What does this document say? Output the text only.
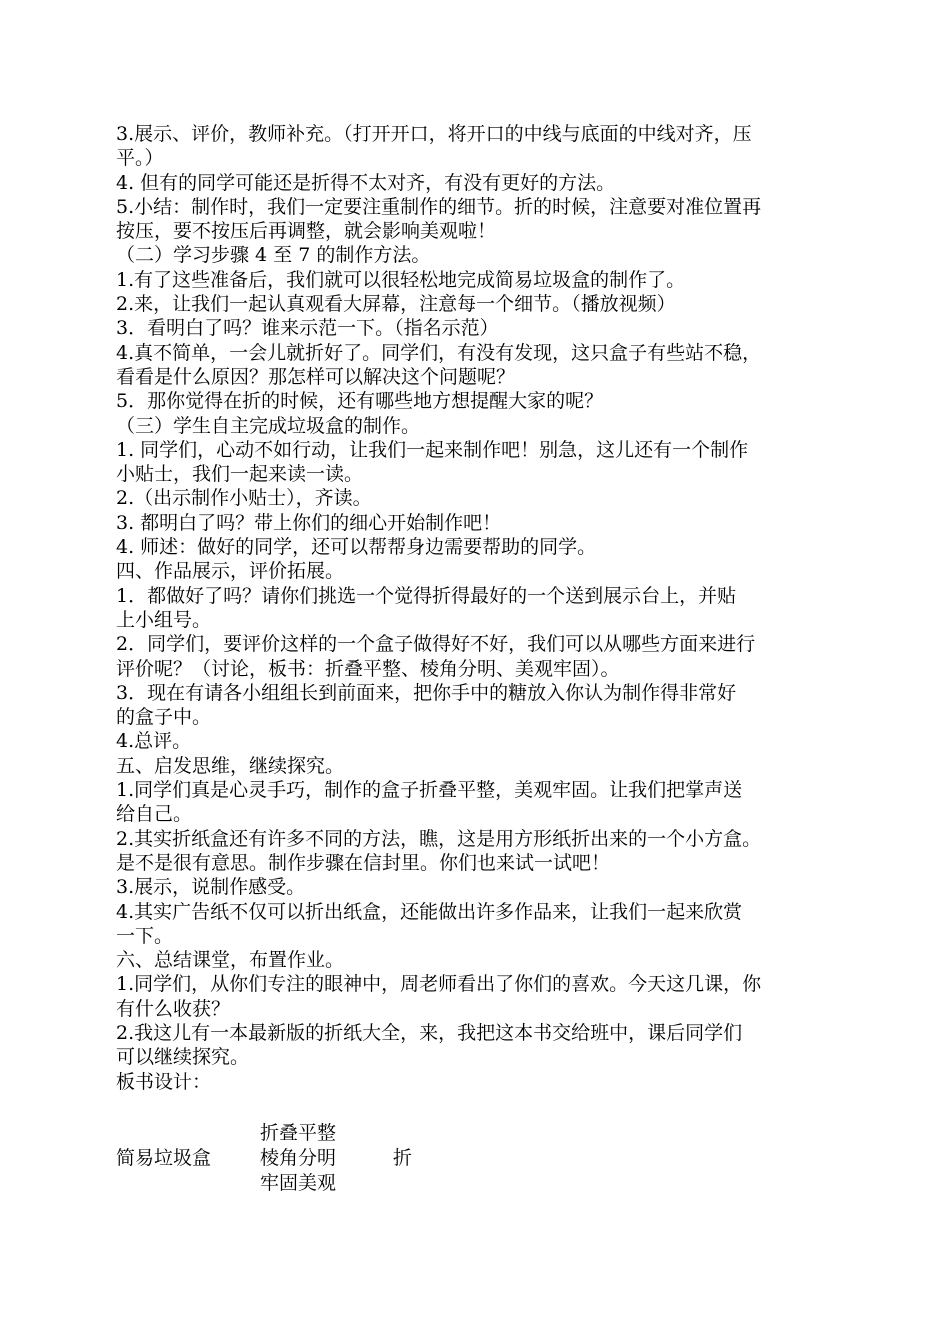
3.展示、评价，教师补充。（打开开口，将开口的中线与底面的中线对齐，压
平。）
4. 但有的同学可能还是折得不太对齐，有没有更好的方法。
5.小结：制作时，我们一定要注重制作的细节。折的时候，注意要对准位置再
按压，要不按压后再调整，就会影响美观啦！
（二）学习步骤 4 至 7 的制作方法。
1.有了这些准备后，我们就可以很轻松地完成简易垃圾盒的制作了。
2.来，让我们一起认真观看大屏幕，注意每一个细节。（播放视频）
3．看明白了吗？谁来示范一下。（指名示范）
4.真不简单，一会儿就折好了。同学们，有没有发现，这只盒子有些站不稳，
看看是什么原因？那怎样可以解决这个问题呢？
5．那你觉得在折的时候，还有哪些地方想提醒大家的呢？
（三）学生自主完成垃圾盒的制作。
1. 同学们，心动不如行动，让我们一起来制作吧！别急，这儿还有一个制作
小贴士，我们一起来读一读。
2.（出示制作小贴士），齐读。
3. 都明白了吗？带上你们的细心开始制作吧！
4. 师述：做好的同学，还可以帮帮身边需要帮助的同学。
四、作品展示，评价拓展。
1．都做好了吗？请你们挑选一个觉得折得最好的一个送到展示台上，并贴
上小组号。
2．同学们，要评价这样的一个盒子做得好不好，我们可以从哪些方面来进行
评价呢？（讨论，板书：折叠平整、棱角分明、美观牢固）。
3．现在有请各小组组长到前面来，把你手中的糖放入你认为制作得非常好
的盒子中。
4.总评。
五、启发思维，继续探究。
1.同学们真是心灵手巧，制作的盒子折叠平整，美观牢固。让我们把掌声送
给自己。
2.其实折纸盒还有许多不同的方法，瞧，这是用方形纸折出来的一个小方盒。
是不是很有意思。制作步骤在信封里。你们也来试一试吧！
3.展示，说制作感受。
4.其实广告纸不仅可以折出纸盒，还能做出许多作品来，让我们一起来欣赏
一下。
六、总结课堂，布置作业。
1.同学们，从你们专注的眼神中，周老师看出了你们的喜欢。今天这几课，你
有什么收获？
2.我这儿有一本最新版的折纸大全，来，我把这本书交给班中，课后同学们
可以继续探究。
板书设计：
折叠平整
简易垃圾盒	棱角分明	折
牢固美观
